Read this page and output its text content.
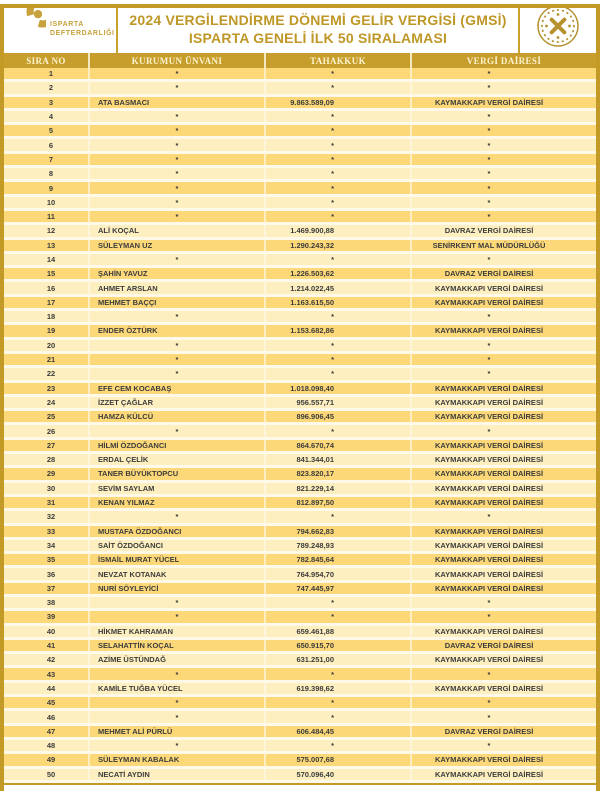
ISPARTA
DEFTERDARLIĞI
2024 VERGİLENDİRME DÖNEMİ GELİR VERGİSİ (GMSİ)
ISPARTA GENELİ İLK 50 SIRALAMASI
SIRA NO	KURUMUN ÜNVANI	TAHAKKUK	VERGİ DAİRESİ
1	*	*	*
2	*	*	*
3	ATA BASMACI	9.863.589,09	KAYMAKKAPI VERGİ DAİRESİ
4	*	*	*
5	*	*	*
6	*	*	*
7	*	*	*
8	*	*	*
9	*	*	*
10	*	*	*
11	*	*	*
12	ALİ KOÇAL	1.469.900,88	DAVRAZ VERGİ DAİRESİ
13	SÜLEYMAN UZ	1.290.243,32	SENİRKENT MAL MÜDÜRLÜĞÜ
14	*	*	*
15	ŞAHİN YAVUZ	1.226.503,62	DAVRAZ VERGİ DAİRESİ
16	AHMET ARSLAN	1.214.022,45	KAYMAKKAPI VERGİ DAİRESİ
17	MEHMET BAÇÇI	1.163.615,50	KAYMAKKAPI VERGİ DAİRESİ
18	*	*	*
19	ENDER ÖZTÜRK	1.153.682,86	KAYMAKKAPI VERGİ DAİRESİ
20	*	*	*
21	*	*	*
22	*	*	*
23	EFE CEM KOCABAŞ	1.018.098,40	KAYMAKKAPI VERGİ DAİRESİ
24	İZZET ÇAĞLAR	956.557,71	KAYMAKKAPI VERGİ DAİRESİ
25	HAMZA KÜLCÜ	896.906,45	KAYMAKKAPI VERGİ DAİRESİ
26	*	*	*
27	HİLMİ ÖZDOĞANCI	864.670,74	KAYMAKKAPI VERGİ DAİRESİ
28	ERDAL ÇELİK	841.344,01	KAYMAKKAPI VERGİ DAİRESİ
29	TANER BÜYÜKTOPCU	823.820,17	KAYMAKKAPI VERGİ DAİRESİ
30	SEVİM SAYLAM	821.229,14	KAYMAKKAPI VERGİ DAİRESİ
31	KENAN YILMAZ	812.897,50	KAYMAKKAPI VERGİ DAİRESİ
32	*	*	*
33	MUSTAFA ÖZDOĞANCI	794.662,83	KAYMAKKAPI VERGİ DAİRESİ
34	SAİT ÖZDOĞANCI	789.248,93	KAYMAKKAPI VERGİ DAİRESİ
35	İSMAİL MURAT YÜCEL	782.845,64	KAYMAKKAPI VERGİ DAİRESİ
36	NEVZAT KOTANAK	764.954,70	KAYMAKKAPI VERGİ DAİRESİ
37	NURİ SÖYLEYİCİ	747.445,97	KAYMAKKAPI VERGİ DAİRESİ
38	*	*	*
39	*	*	*
40	HİKMET KAHRAMAN	659.461,88	KAYMAKKAPI VERGİ DAİRESİ
41	SELAHATTİN KOÇAL	650.915,70	DAVRAZ VERGİ DAİRESİ
42	AZİME ÜSTÜNDAĞ	631.251,00	KAYMAKKAPI VERGİ DAİRESİ
43	*	*	*
44	KAMİLE TUĞBA YÜCEL	619.398,62	KAYMAKKAPI VERGİ DAİRESİ
45	*	*	*
46	*	*	*
47	MEHMET ALİ PÜRLÜ	606.484,45	DAVRAZ VERGİ DAİRESİ
48	*	*	*
49	SÜLEYMAN KABALAK	575.007,68	KAYMAKKAPI VERGİ DAİRESİ
50	NECATİ AYDIN	570.096,40	KAYMAKKAPI VERGİ DAİRESİ
